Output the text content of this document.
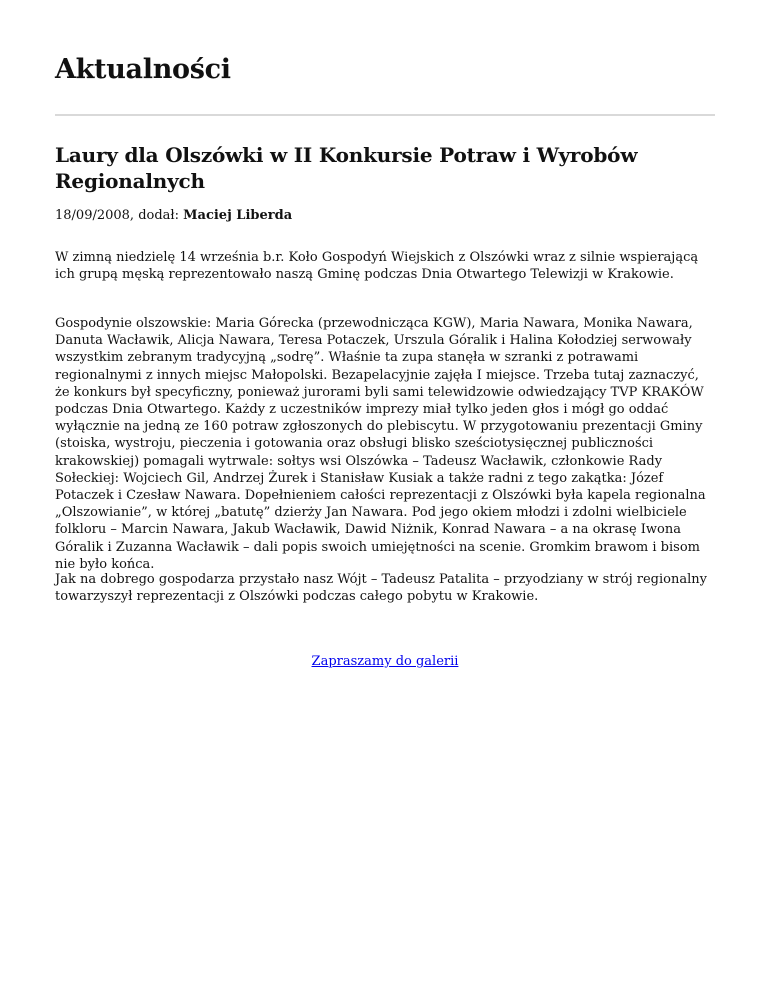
Aktualności
Laury dla Olszówki w II Konkursie Potraw i Wyrobów Regionalnych
18/09/2008, dodał: Maciej Liberda

W zimną niedzielę 14 września b.r. Koło Gospodyń Wiejskich z Olszówki wraz z silnie wspierającą ich grupą męską reprezentowało naszą Gminę podczas Dnia Otwartego Telewizji w Krakowie.

Gospodynie olszowskie: Maria Górecka (przewodnicząca KGW), Maria Nawara, Monika Nawara, Danuta Wacławik, Alicja Nawara, Teresa Potaczek, Urszula Góralik i Halina Kołodziej serwowały wszystkim zebranym tradycyjną „sodrę”. Właśnie ta zupa stanęła w szranki z potrawami regionalnymi z innych miejsc Małopolski. Bezapelacyjnie zajęła I miejsce. Trzeba tutaj zaznaczyć, że konkurs był specyficzny, ponieważ jurorami byli sami telewidzowie odwiedzający TVP KRAKÓW podczas Dnia Otwartego. Każdy z uczestników imprezy miał tylko jeden głos i mógł go oddać wyłącznie na jedną ze 160 potraw zgłoszonych do plebiscytu. W przygotowaniu prezentacji Gminy (stoiska, wystroju, pieczenia i gotowania oraz obsługi blisko sześciotysięcznej publiczności krakowskiej) pomagali wytrwale: sołtys wsi Olszówka – Tadeusz Wacławik, członkowie Rady Sołeckiej: Wojciech Gil, Andrzej Żurek i Stanisław Kusiak a także radni z tego zakątka: Józef Potaczek i Czesław Nawara. Dopełnieniem całości reprezentacji z Olszówki była kapela regionalna „Olszowianie”, w której „batutę” dzierży Jan Nawara. Pod jego okiem młodzi i zdolni wielbiciele folkloru – Marcin Nawara, Jakub Wacławik, Dawid Niżnik, Konrad Nawara – a na okrasę Iwona Góralik i Zuzanna Wacławik – dali popis swoich umiejętności na scenie. Gromkim brawom i bisom nie było końca.

Jak na dobrego gospodarza przystało nasz Wójt – Tadeusz Patalita – przyodziany w strój regionalny towarzyszył reprezentacji z Olszówki podczas całego pobytu w Krakowie.

Zapraszamy do galerii
